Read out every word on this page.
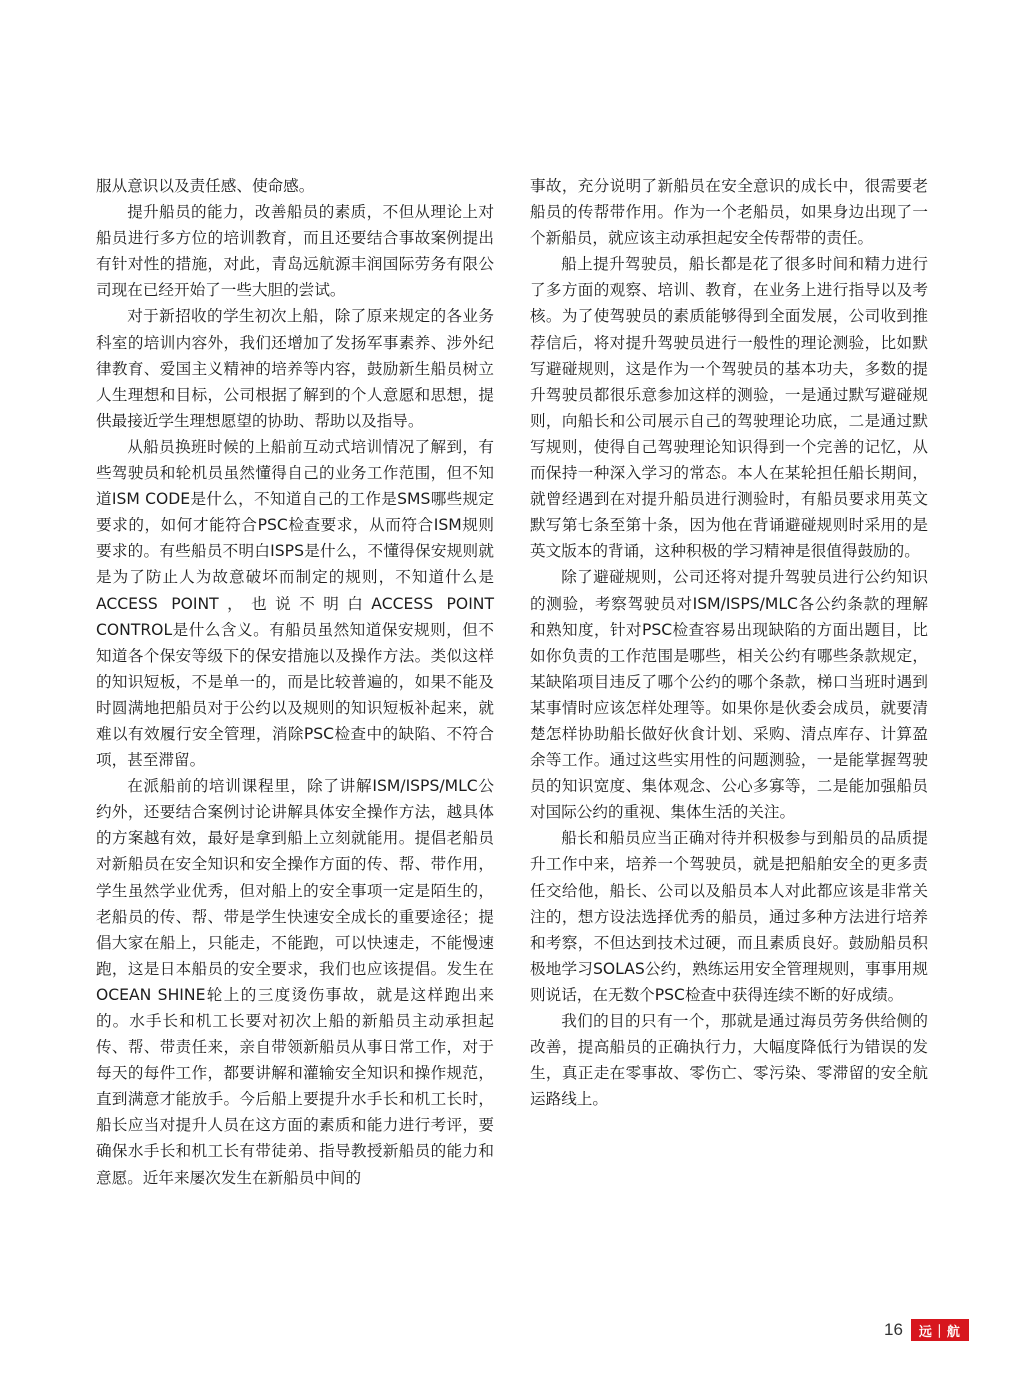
服从意识以及责任感、使命感。

提升船员的能力，改善船员的素质，不但从理论上对船员进行多方位的培训教育，而且还要结合事故案例提出有针对性的措施，对此，青岛远航源丰润国际劳务有限公司现在已经开始了一些大胆的尝试。

对于新招收的学生初次上船，除了原来规定的各业务科室的培训内容外，我们还增加了发扬军事素养、涉外纪律教育、爱国主义精神的培养等内容，鼓励新生船员树立人生理想和目标，公司根据了解到的个人意愿和思想，提供最接近学生理想愿望的协助、帮助以及指导。

从船员换班时候的上船前互动式培训情况了解到，有些驾驶员和轮机员虽然懂得自己的业务工作范围，但不知道ISM CODE是什么，不知道自己的工作是SMS哪些规定要求的，如何才能符合PSC检查要求，从而符合ISM规则要求的。有些船员不明白ISPS是什么，不懂得保安规则就是为了防止人为故意破坏而制定的规则，不知道什么是ACCESS POINT，也说不明白ACCESS POINT CONTROL是什么含义。有船员虽然知道保安规则，但不知道各个保安等级下的保安措施以及操作方法。类似这样的知识短板，不是单一的，而是比较普遍的，如果不能及时圆满地把船员对于公约以及规则的知识短板补起来，就难以有效履行安全管理，消除PSC检查中的缺陷、不符合项，甚至滞留。

在派船前的培训课程里，除了讲解ISM/ISPS/MLC公约外，还要结合案例讨论讲解具体安全操作方法，越具体的方案越有效，最好是拿到船上立刻就能用。提倡老船员对新船员在安全知识和安全操作方面的传、帮、带作用，学生虽然学业优秀，但对船上的安全事项一定是陌生的，老船员的传、帮、带是学生快速安全成长的重要途径；提倡大家在船上，只能走，不能跑，可以快速走，不能慢速跑，这是日本船员的安全要求，我们也应该提倡。发生在OCEAN SHINE轮上的三度烫伤事故，就是这样跑出来的。水手长和机工长要对初次上船的新船员主动承担起传、帮、带责任来，亲自带领新船员从事日常工作，对于每天的每件工作，都要讲解和灌输安全知识和操作规范，直到满意才能放手。今后船上要提升水手长和机工长时，船长应当对提升人员在这方面的素质和能力进行考评，要确保水手长和机工长有带徒弟、指导教授新船员的能力和意愿。近年来屡次发生在新船员中间的

事故，充分说明了新船员在安全意识的成长中，很需要老船员的传帮带作用。作为一个老船员，如果身边出现了一个新船员，就应该主动承担起安全传帮带的责任。

船上提升驾驶员，船长都是花了很多时间和精力进行了多方面的观察、培训、教育，在业务上进行指导以及考核。为了使驾驶员的素质能够得到全面发展，公司收到推荐信后，将对提升驾驶员进行一般性的理论测验，比如默写避碰规则，这是作为一个驾驶员的基本功夫，多数的提升驾驶员都很乐意参加这样的测验，一是通过默写避碰规则，向船长和公司展示自己的驾驶理论功底，二是通过默写规则，使得自己驾驶理论知识得到一个完善的记忆，从而保持一种深入学习的常态。本人在某轮担任船长期间，就曾经遇到在对提升船员进行测验时，有船员要求用英文默写第七条至第十条，因为他在背诵避碰规则时采用的是英文版本的背诵，这种积极的学习精神是很值得鼓励的。

除了避碰规则，公司还将对提升驾驶员进行公约知识的测验，考察驾驶员对ISM/ISPS/MLC各公约条款的理解和熟知度，针对PSC检查容易出现缺陷的方面出题目，比如你负责的工作范围是哪些，相关公约有哪些条款规定，某缺陷项目违反了哪个公约的哪个条款，梯口当班时遇到某事情时应该怎样处理等。如果你是伙委会成员，就要清楚怎样协助船长做好伙食计划、采购、清点库存、计算盈余等工作。通过这些实用性的问题测验，一是能掌握驾驶员的知识宽度、集体观念、公心多寡等，二是能加强船员对国际公约的重视、集体生活的关注。

船长和船员应当正确对待并积极参与到船员的品质提升工作中来，培养一个驾驶员，就是把船舶安全的更多责任交给他，船长、公司以及船员本人对此都应该是非常关注的，想方设法选择优秀的船员，通过多种方法进行培养和考察，不但达到技术过硬，而且素质良好。鼓励船员积极地学习SOLAS公约，熟练运用安全管理规则，事事用规则说话，在无数个PSC检查中获得连续不断的好成绩。

我们的目的只有一个，那就是通过海员劳务供给侧的改善，提高船员的正确执行力，大幅度降低行为错误的发生，真正走在零事故、零伤亡、零污染、零滞留的安全航运路线上。

16	远｜航
